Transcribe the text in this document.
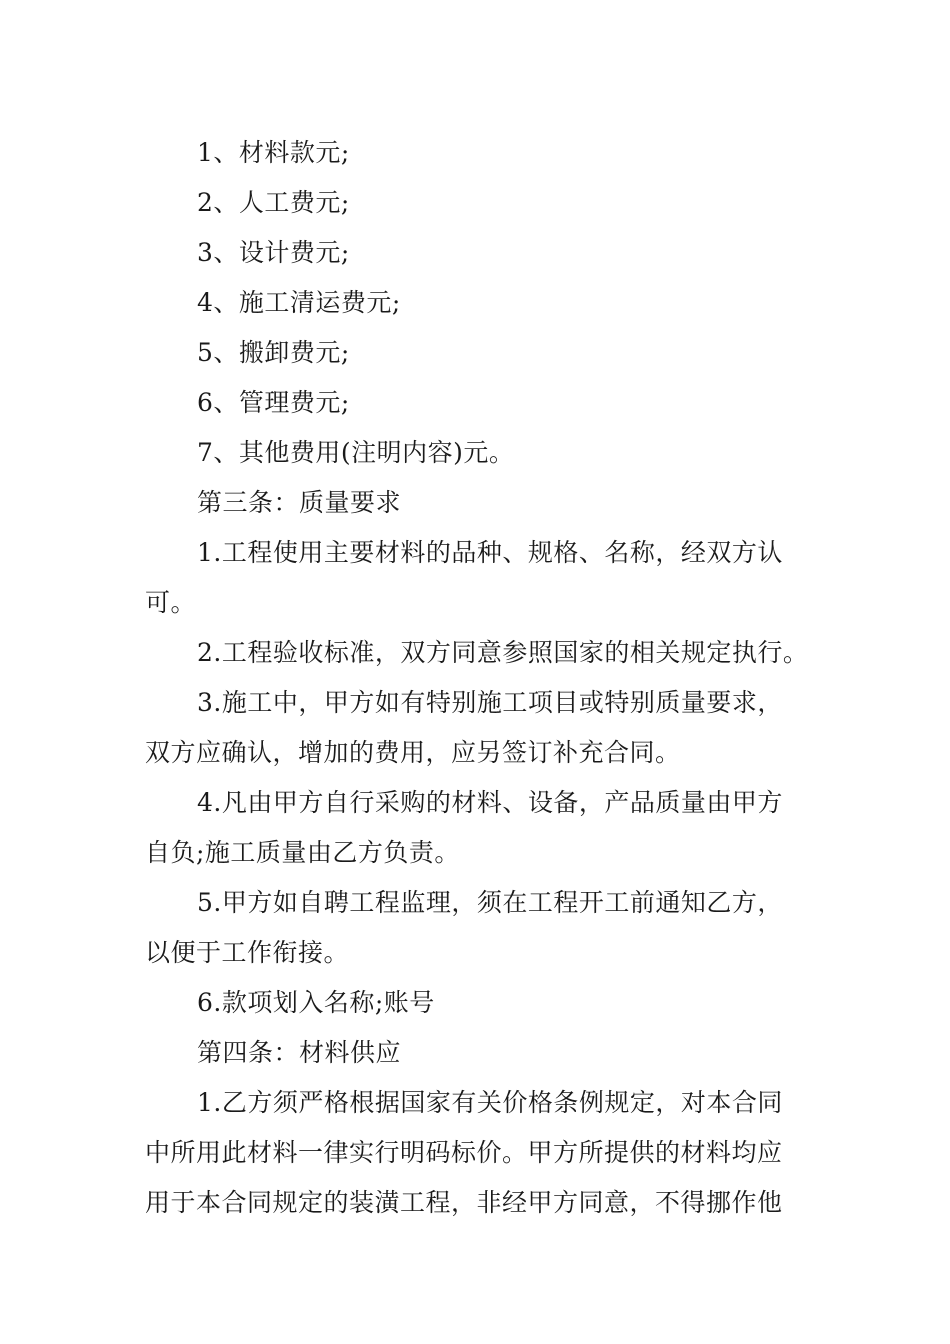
1、材料款元;
2、人工费元;
3、设计费元;
4、施工清运费元;
5、搬卸费元;
6、管理费元;
7、其他费用(注明内容)元。
第三条：质量要求
1.工程使用主要材料的品种、规格、名称，经双方认
可。
2.工程验收标准，双方同意参照国家的相关规定执行。
3.施工中，甲方如有特别施工项目或特别质量要求，
双方应确认，增加的费用，应另签订补充合同。
4.凡由甲方自行采购的材料、设备，产品质量由甲方
自负;施工质量由乙方负责。
5.甲方如自聘工程监理，须在工程开工前通知乙方，
以便于工作衔接。
6.款项划入名称;账号
第四条：材料供应
1.乙方须严格根据国家有关价格条例规定，对本合同
中所用此材料一律实行明码标价。甲方所提供的材料均应
用于本合同规定的装潢工程，非经甲方同意，不得挪作他
